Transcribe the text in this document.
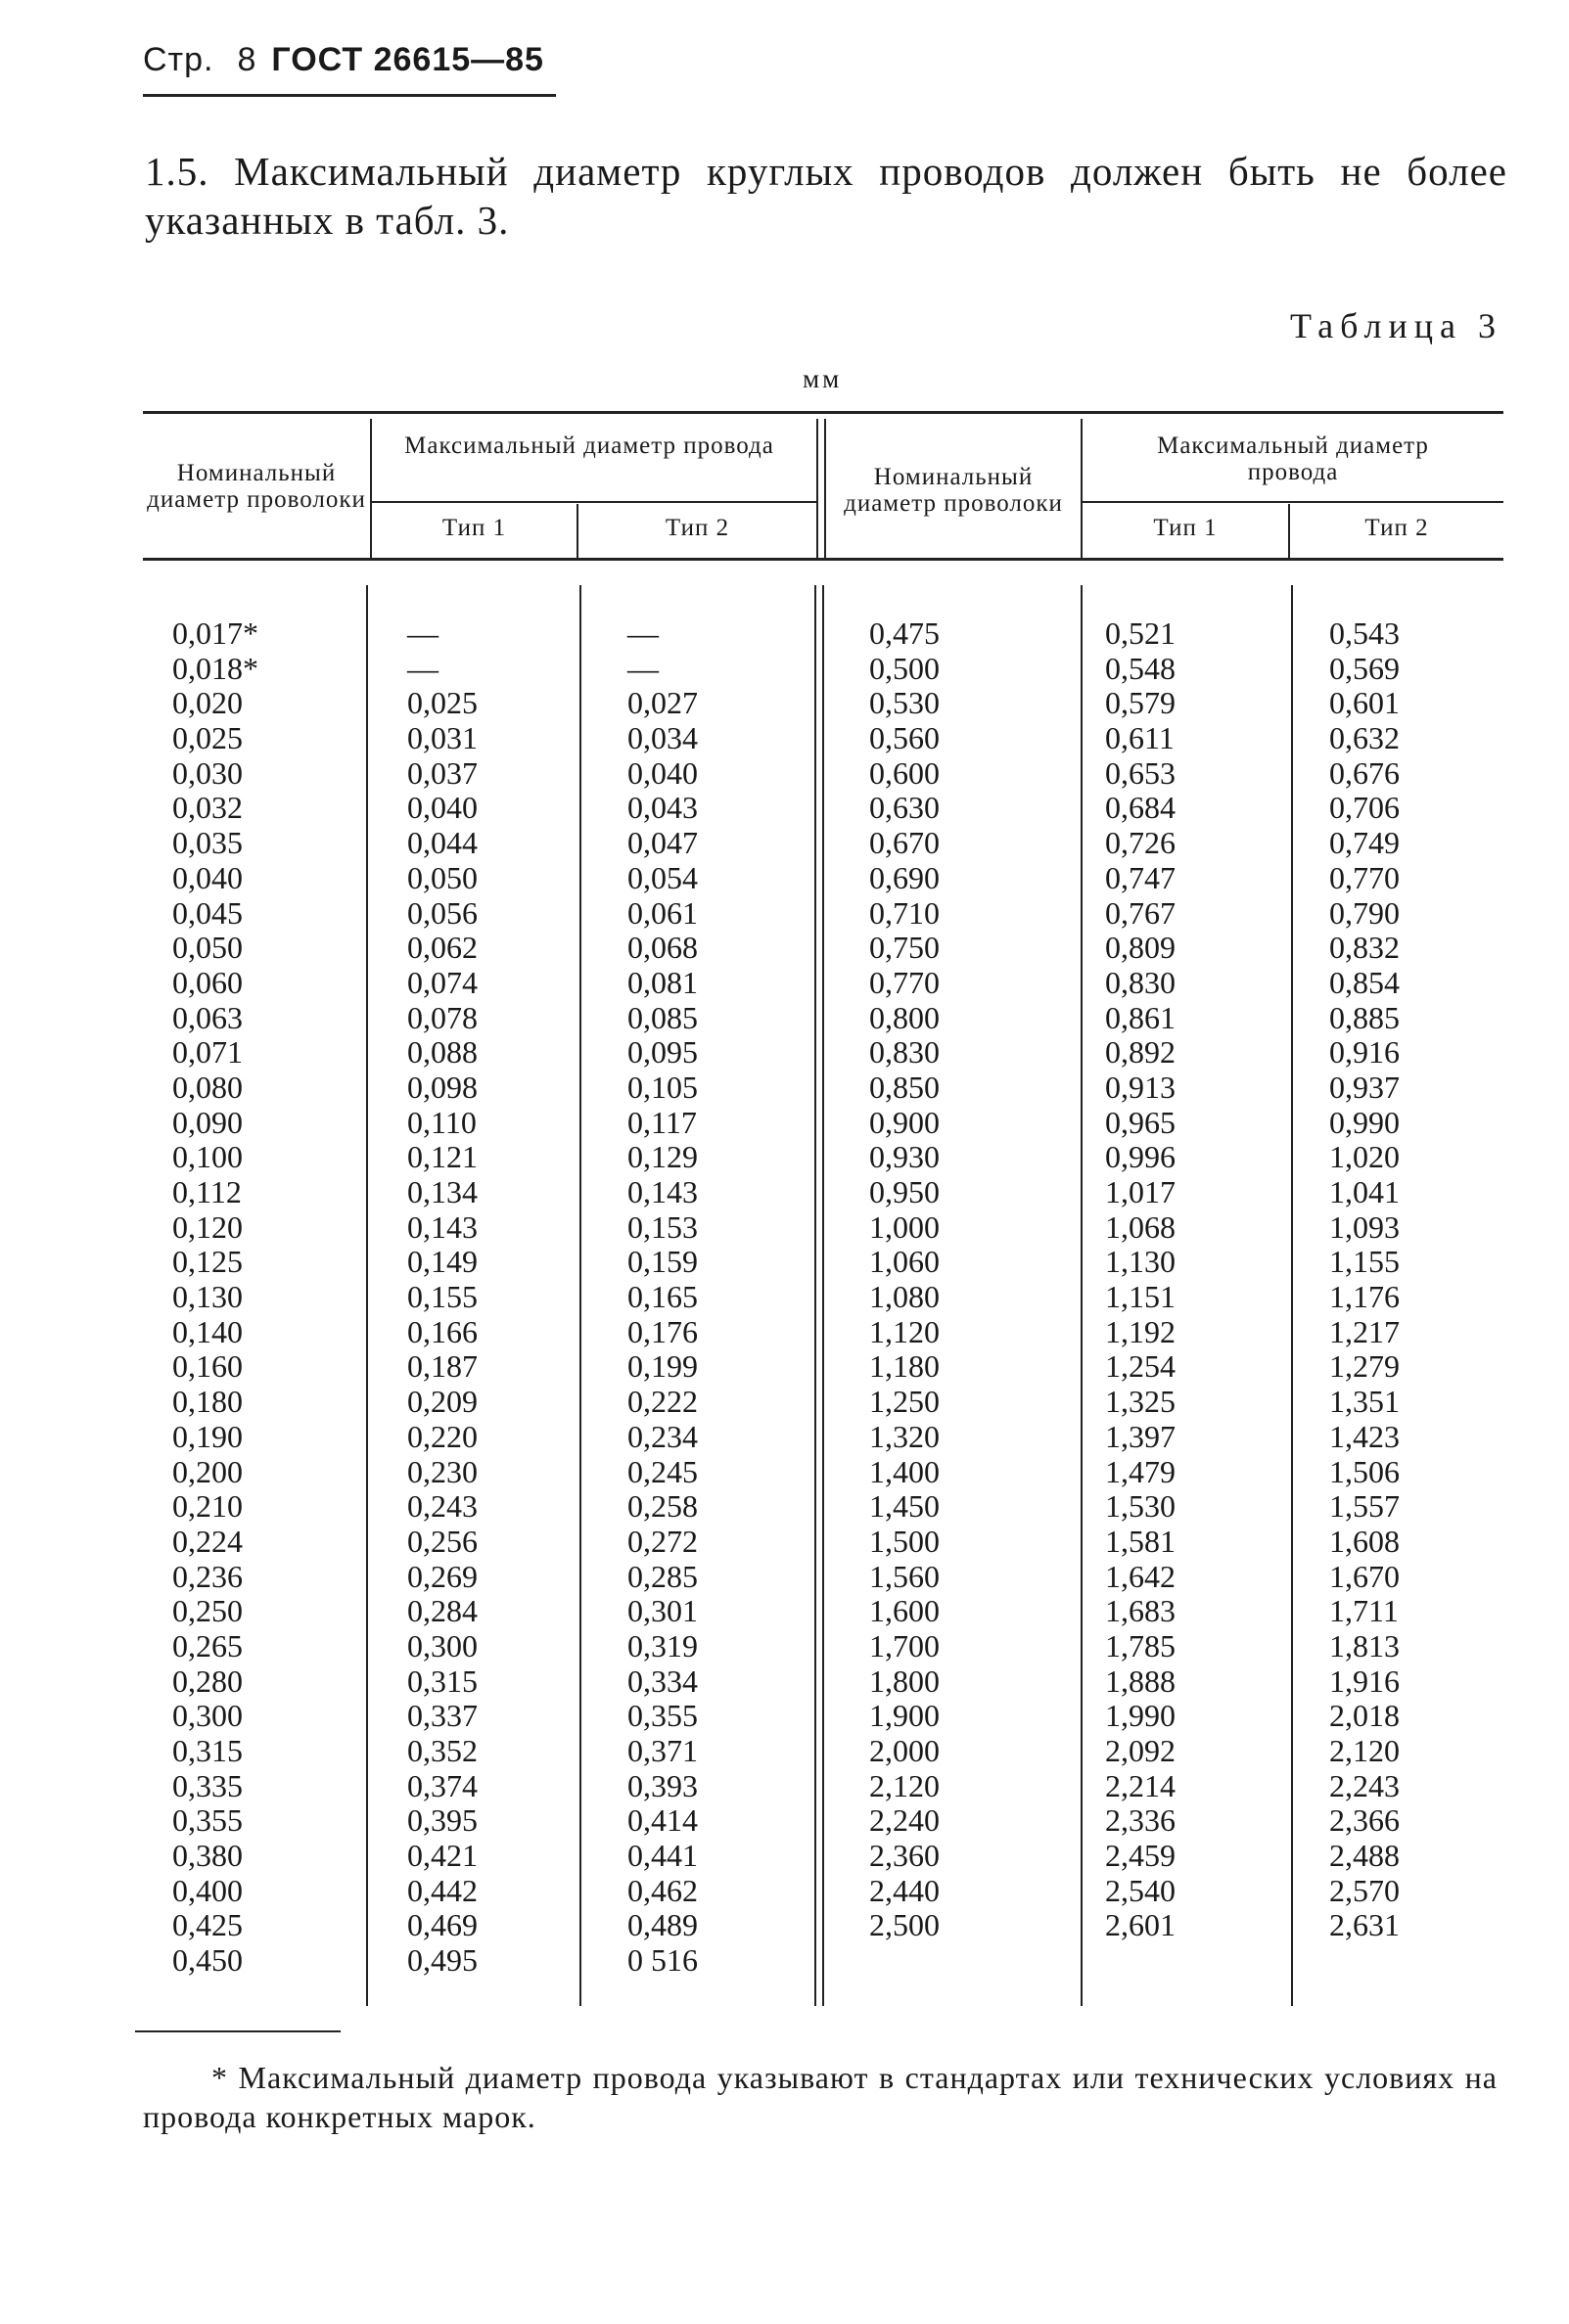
Стр. 8 ГОСТ 26615—85
1.5. Максимальный диаметр круглых проводов должен быть не более указанных в табл. 3.
Таблица 3
мм
Номинальный диаметр проволоки
Максимальный диаметр провода
Тип 1	Тип 2
Номинальный диаметр проволоки
Максимальный диаметр провода
Тип 1	Тип 2
0,017*
0,018*
0,020
0,025
0,030
0,032
0,035
0,040
0,045
0,050
0,060
0,063
0,071
0,080
0,090
0,100
0,112
0,120
0,125
0,130
0,140
0,160
0,180
0,190
0,200
0,210
0,224
0,236
0,250
0,265
0,280
0,300
0,315
0,335
0,355
0,380
0,400
0,425
0,450
—
—
0,025
0,031
0,037
0,040
0,044
0,050
0,056
0,062
0,074
0,078
0,088
0,098
0,110
0,121
0,134
0,143
0,149
0,155
0,166
0,187
0,209
0,220
0,230
0,243
0,256
0,269
0,284
0,300
0,315
0,337
0,352
0,374
0,395
0,421
0,442
0,469
0,495
—
—
0,027
0,034
0,040
0,043
0,047
0,054
0,061
0,068
0,081
0,085
0,095
0,105
0,117
0,129
0,143
0,153
0,159
0,165
0,176
0,199
0,222
0,234
0,245
0,258
0,272
0,285
0,301
0,319
0,334
0,355
0,371
0,393
0,414
0,441
0,462
0,489
0 516
0,475
0,500
0,530
0,560
0,600
0,630
0,670
0,690
0,710
0,750
0,770
0,800
0,830
0,850
0,900
0,930
0,950
1,000
1,060
1,080
1,120
1,180
1,250
1,320
1,400
1,450
1,500
1,560
1,600
1,700
1,800
1,900
2,000
2,120
2,240
2,360
2,440
2,500
0,521
0,548
0,579
0,611
0,653
0,684
0,726
0,747
0,767
0,809
0,830
0,861
0,892
0,913
0,965
0,996
1,017
1,068
1,130
1,151
1,192
1,254
1,325
1,397
1,479
1,530
1,581
1,642
1,683
1,785
1,888
1,990
2,092
2,214
2,336
2,459
2,540
2,601
0,543
0,569
0,601
0,632
0,676
0,706
0,749
0,770
0,790
0,832
0,854
0,885
0,916
0,937
0,990
1,020
1,041
1,093
1,155
1,176
1,217
1,279
1,351
1,423
1,506
1,557
1,608
1,670
1,711
1,813
1,916
2,018
2,120
2,243
2,366
2,488
2,570
2,631
* Максимальный диаметр провода указывают в стандартах или технических условиях на провода конкретных марок.
